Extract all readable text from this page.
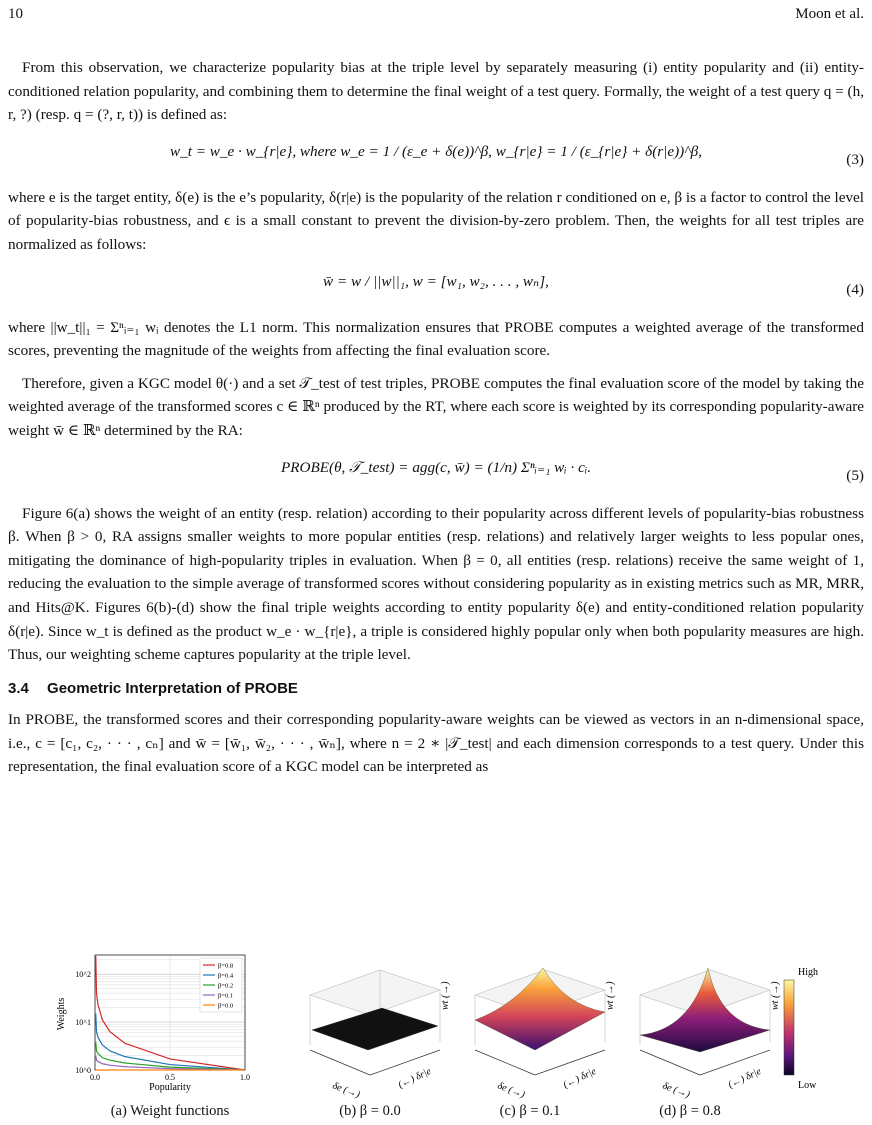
10	Moon et al.

From this observation, we characterize popularity bias at the triple level by separately measuring (i) entity popularity and (ii) entity-conditioned relation popularity, and combining them to determine the final weight of a test query. Formally, the weight of a test query q = (h, r, ?) (resp. q = (?, r, t)) is defined as:

w_t = w_e · w_{r|e}, where w_e = 1 / (ε_e + δ(e))^β, w_{r|e} = 1 / (ε_{r|e} + δ(r|e))^β,	(3)

where e is the target entity, δ(e) is the e’s popularity, δ(r|e) is the popularity of the relation r conditioned on e, β is a factor to control the level of popularity-bias robustness, and ϵ is a small constant to prevent the division-by-zero problem. Then, the weights for all test triples are normalized as follows:

w̄ = w / ||w||₁, w = [w₁, w₂, . . . , wₙ],	(4)

where ||w_t||₁ = Σⁿᵢ₌₁ wᵢ denotes the L1 norm. This normalization ensures that PROBE computes a weighted average of the transformed scores, preventing the magnitude of the weights from affecting the final evaluation score.

Therefore, given a KGC model θ(·) and a set 𝒯_test of test triples, PROBE computes the final evaluation score of the model by taking the weighted average of the transformed scores c ∈ ℝⁿ produced by the RT, where each score is weighted by its corresponding popularity-aware weight w̄ ∈ ℝⁿ determined by the RA:

PROBE(θ, 𝒯_test) = agg(c, w̄) = (1/n) Σⁿᵢ₌₁ wᵢ · cᵢ.	(5)

Figure 6(a) shows the weight of an entity (resp. relation) according to their popularity across different levels of popularity-bias robustness β. When β > 0, RA assigns smaller weights to more popular entities (resp. relations) and relatively larger weights to less popular ones, mitigating the dominance of high-popularity triples in evaluation. When β = 0, all entities (resp. relations) receive the same weight of 1, reducing the evaluation to the simple average of transformed scores without considering popularity as in existing metrics such as MR, MRR, and Hits@K. Figures 6(b)-(d) show the final triple weights according to entity popularity δ(e) and entity-conditioned relation popularity δ(r|e). Since w_t is defined as the product w_e · w_{r|e}, a triple is considered highly popular only when both popularity measures are high. Thus, our weighting scheme captures popularity at the triple level.

3.4 Geometric Interpretation of PROBE

In PROBE, the transformed scores and their corresponding popularity-aware weights can be viewed as vectors in an n-dimensional space, i.e., c = [c₁, c₂, · · · , cₙ] and w̄ = [w̄₁, w̄₂, · · · , w̄ₙ], where n = 2 ∗ |𝒯_test| and each dimension corresponds to a test query. Under this representation, the final evaluation score of a KGC model can be interpreted as

0.0	0.5	1.0
10^0
10^1
10^2
Weights
Popularity
β=0.8
β=0.4
β=0.2
β=0.1
β=0.0
δe (→)	(←) δr|e
wt (→)
δe (→)	(←) δr|e
wt (→)
δe (→)	(←) δr|e
wt (→)
High
Low
(a) Weight functions	(b) β = 0.0	(c) β = 0.1	(d) β = 0.8
